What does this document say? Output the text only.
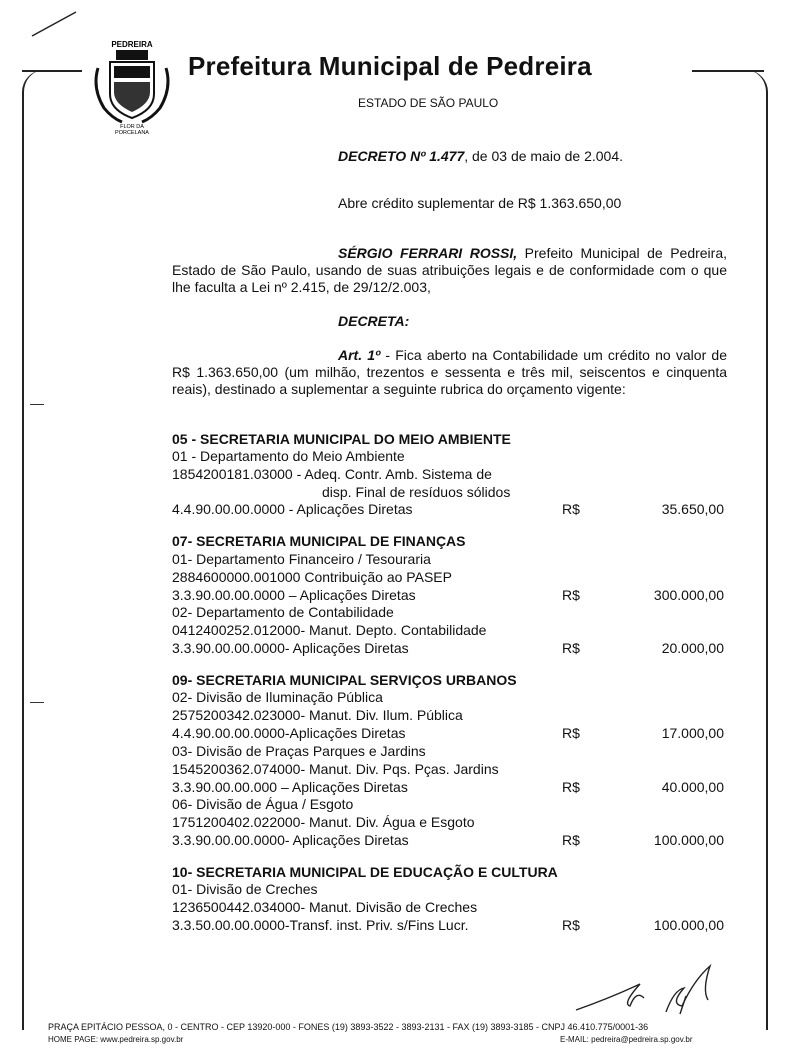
PEDREIRA
FLOR DA
PORCELANA
Prefeitura Municipal de Pedreira
ESTADO DE SÃO PAULO
DECRETO Nº 1.477, de 03 de maio de 2.004.
Abre crédito suplementar de R$ 1.363.650,00
SÉRGIO FERRARI ROSSI, Prefeito Municipal de Pedreira, Estado de São Paulo, usando de suas atribuições legais e de conformidade com o que lhe faculta a Lei nº 2.415, de 29/12/2.003,
DECRETA:
Art. 1º - Fica aberto na Contabilidade um crédito no valor de R$ 1.363.650,00 (um milhão, trezentos e sessenta e três mil, seiscentos e cinquenta reais), destinado a suplementar a seguinte rubrica do orçamento vigente:
05 - SECRETARIA MUNICIPAL DO MEIO AMBIENTE
01 - Departamento do Meio Ambiente
1854200181.03000 - Adeq. Contr. Amb. Sistema de
disp. Final de resíduos sólidos
4.4.90.00.00.0000 - Aplicações Diretas	R$	35.650,00
07- SECRETARIA MUNICIPAL DE FINANÇAS
01- Departamento Financeiro / Tesouraria
2884600000.001000 Contribuição ao PASEP
3.3.90.00.00.0000 – Aplicações Diretas	R$	300.000,00
02- Departamento de Contabilidade
0412400252.012000- Manut. Depto. Contabilidade
3.3.90.00.00.0000- Aplicações Diretas	R$	20.000,00
09- SECRETARIA MUNICIPAL SERVIÇOS URBANOS
02- Divisão de Iluminação Pública
2575200342.023000- Manut. Div. Ilum. Pública
4.4.90.00.00.0000-Aplicações Diretas	R$	17.000,00
03- Divisão de Praças Parques e Jardins
1545200362.074000- Manut. Div. Pqs. Pças. Jardins
3.3.90.00.00.000 – Aplicações Diretas	R$	40.000,00
06- Divisão de Água / Esgoto
1751200402.022000- Manut. Div. Água e Esgoto
3.3.90.00.00.0000- Aplicações Diretas	R$	100.000,00
10- SECRETARIA MUNICIPAL DE EDUCAÇÃO E CULTURA
01- Divisão de Creches
1236500442.034000- Manut. Divisão de Creches
3.3.50.00.00.0000-Transf. inst. Priv. s/Fins Lucr.	R$	100.000,00
PRAÇA EPITÁCIO PESSOA, 0 - CENTRO - CEP 13920-000 - FONES (19) 3893-3522 - 3893-2131 - FAX (19) 3893-3185 - CNPJ 46.410.775/0001-36
HOME PAGE: www.pedreira.sp.gov.br	E-MAIL: pedreira@pedreira.sp.gov.br
